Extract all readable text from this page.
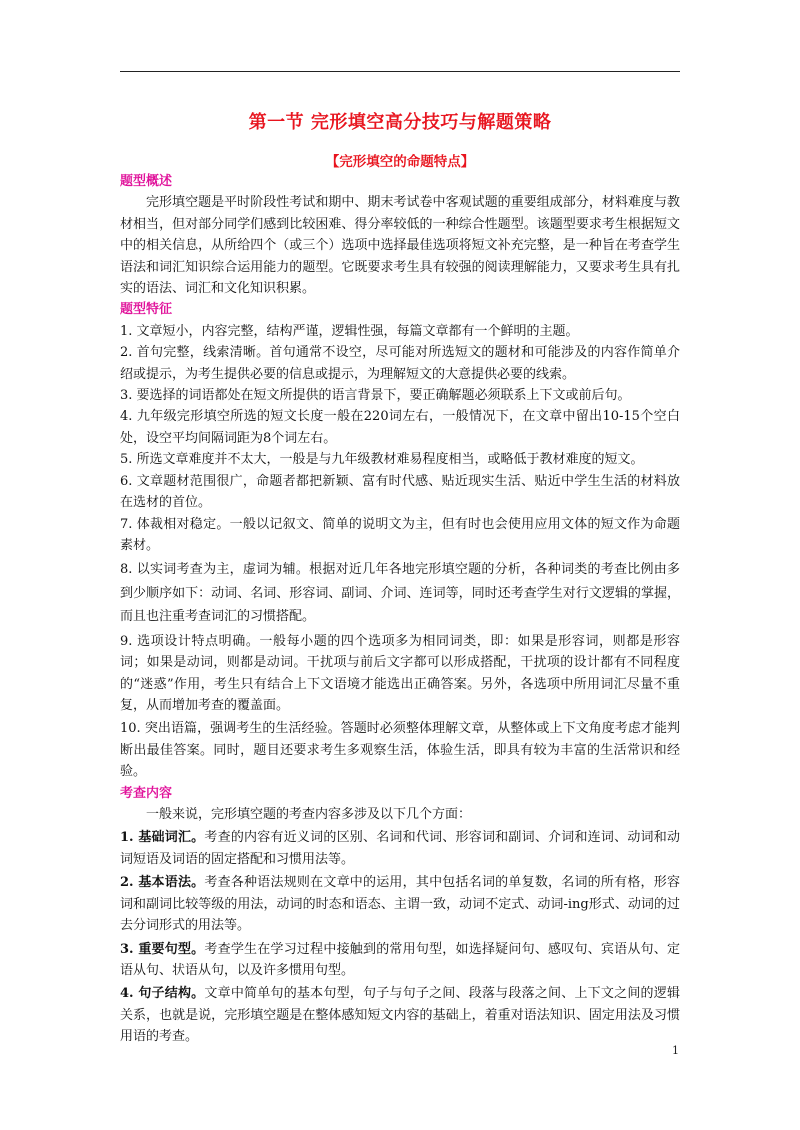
第一节 完形填空高分技巧与解题策略
【完形填空的命题特点】

题型概述

完形填空题是平时阶段性考试和期中、期末考试卷中客观试题的重要组成部分，材料难度与教材相当，但对部分同学们感到比较困难、得分率较低的一种综合性题型。该题型要求考生根据短文中的相关信息，从所给四个（或三个）选项中选择最佳选项将短文补充完整，是一种旨在考查学生语法和词汇知识综合运用能力的题型。它既要求考生具有较强的阅读理解能力，又要求考生具有扎实的语法、词汇和文化知识积累。

题型特征

1. 文章短小，内容完整，结构严谨，逻辑性强，每篇文章都有一个鲜明的主题。

2. 首句完整，线索清晰。首句通常不设空，尽可能对所选短文的题材和可能涉及的内容作简单介绍或提示，为考生提供必要的信息或提示，为理解短文的大意提供必要的线索。

3. 要选择的词语都处在短文所提供的语言背景下，要正确解题必须联系上下文或前后句。

4. 九年级完形填空所选的短文长度一般在220词左右，一般情况下，在文章中留出10-15个空白处，设空平均间隔词距为8个词左右。

5. 所选文章难度并不太大，一般是与九年级教材难易程度相当，或略低于教材难度的短文。

6. 文章题材范围很广，命题者都把新颖、富有时代感、贴近现实生活、贴近中学生生活的材料放在选材的首位。

7. 体裁相对稳定。一般以记叙文、简单的说明文为主，但有时也会使用应用文体的短文作为命题素材。

8. 以实词考查为主，虚词为辅。根据对近几年各地完形填空题的分析，各种词类的考查比例由多到少顺序如下：动词、名词、形容词、副词、介词、连词等，同时还考查学生对行文逻辑的掌握，而且也注重考查词汇的习惯搭配。

9. 选项设计特点明确。一般每小题的四个选项多为相同词类，即：如果是形容词，则都是形容词；如果是动词，则都是动词。干扰项与前后文字都可以形成搭配，干扰项的设计都有不同程度的“迷惑”作用，考生只有结合上下文语境才能选出正确答案。另外，各选项中所用词汇尽量不重复，从而增加考查的覆盖面。

10. 突出语篇，强调考生的生活经验。答题时必须整体理解文章，从整体或上下文角度考虑才能判断出最佳答案。同时，题目还要求考生多观察生活，体验生活，即具有较为丰富的生活常识和经验。

考查内容

一般来说，完形填空题的考查内容多涉及以下几个方面：

1. 基础词汇。考查的内容有近义词的区别、名词和代词、形容词和副词、介词和连词、动词和动词短语及词语的固定搭配和习惯用法等。

2. 基本语法。考查各种语法规则在文章中的运用，其中包括名词的单复数，名词的所有格，形容词和副词比较等级的用法，动词的时态和语态、主谓一致，动词不定式、动词-ing形式、动词的过去分词形式的用法等。

3. 重要句型。考查学生在学习过程中接触到的常用句型，如选择疑问句、感叹句、宾语从句、定语从句、状语从句，以及许多惯用句型。

4. 句子结构。文章中简单句的基本句型，句子与句子之间、段落与段落之间、上下文之间的逻辑关系，也就是说，完形填空题是在整体感知短文内容的基础上，着重对语法知识、固定用法及习惯用语的考查。

1
